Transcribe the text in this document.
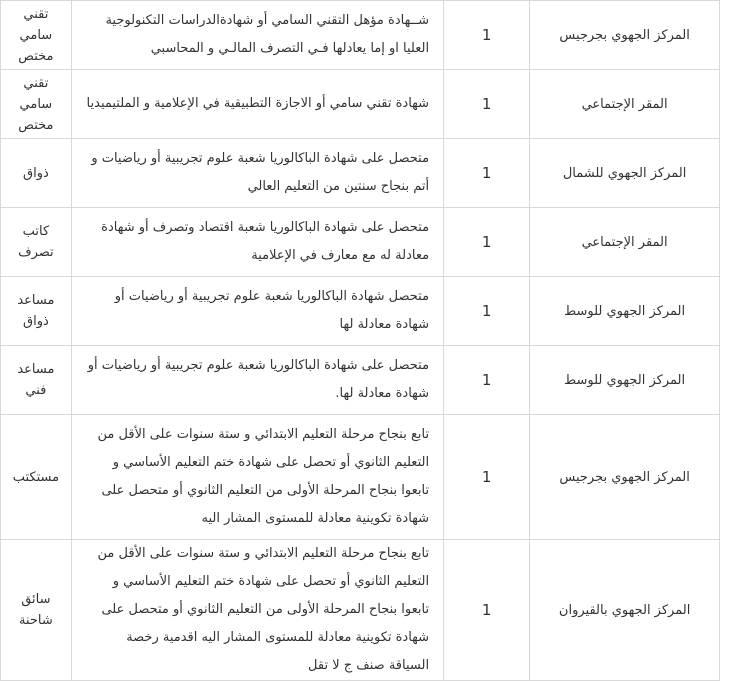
تقني سامي مختص	شــهادة مؤهل التقني السامي أو شهادةالدراسات التكنولوجية العليا او إما يعادلها فـي التصرف المالـي و المحاسبي	1	المركز الجهوي بجرجيس
تقني سامي مختص	شهادة تقني سامي أو الاجازة التطبيقية في الإعلامية و الملتيميديا	1	المقر الإجتماعي
ذواق	متحصل على شهادة الباكالوريا شعبة علوم تجريبية أو رياضيات و أتم بنجاح سنتين من التعليم العالي	1	المركز الجهوي للشمال
كاتب تصرف	متحصل على شهادة الباكالوريا شعبة اقتصاد وتصرف أو شهادة معادلة له مع معارف في الإعلامية	1	المقر الإجتماعي
مساعد ذواق	متحصل شهادة الباكالوريا شعبة علوم تجريبية أو رياضيات أو شهادة معادلة لها	1	المركز الجهوي للوسط
مساعد فني	متحصل على شهادة الباكالوريا شعبة علوم تجريبية أو رياضيات أو شهادة معادلة لها.	1	المركز الجهوي للوسط
مستكتب	تابع بنجاح مرحلة التعليم الابتدائي و ستة سنوات على الأقل من التعليم الثانوي أو تحصل على شهادة ختم التعليم الأساسي و تابعوا بنجاح المرحلة الأولى من التعليم الثانوي أو متحصل على شهادة تكوينية معادلة للمستوى المشار اليه	1	المركز الجهوي بجرجيس
سائق شاحنة	تابع بنجاح مرحلة التعليم الابتدائي و ستة سنوات على الأقل من التعليم الثانوي أو تحصل على شهادة ختم التعليم الأساسي و تابعوا بنجاح المرحلة الأولى من التعليم الثانوي أو متحصل على شهادة تكوينية معادلة للمستوى المشار اليه اقدمية رخصة السياقة صنف ج لا تقل	1	المركز الجهوي بالقيروان
